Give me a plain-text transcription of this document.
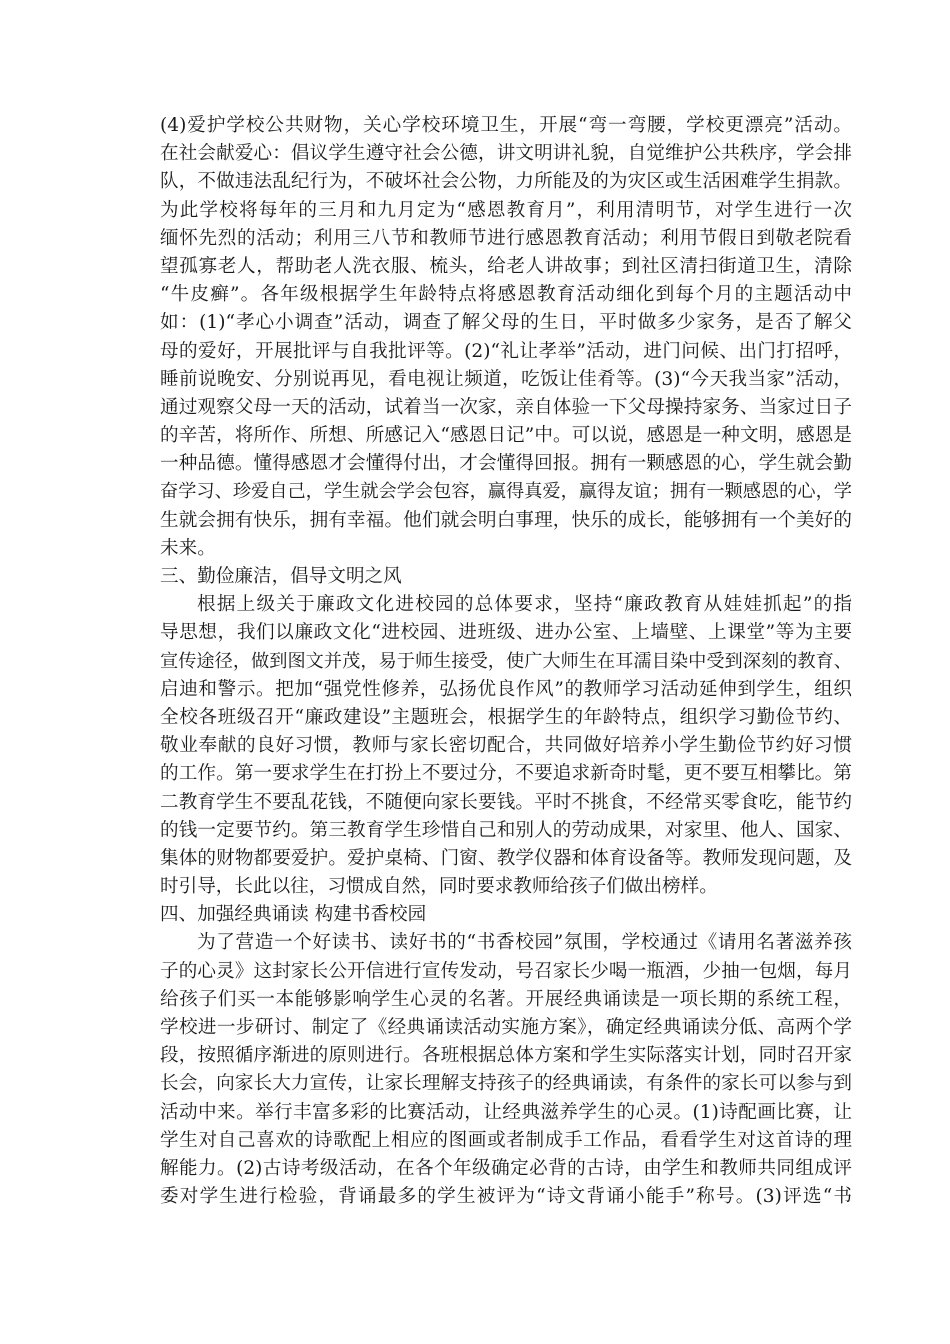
(4)爱护学校公共财物，关心学校环境卫生，开展“弯一弯腰，学校更漂亮”活动。
在社会献爱心：倡议学生遵守社会公德，讲文明讲礼貌，自觉维护公共秩序，学会排
队，不做违法乱纪行为，不破坏社会公物，力所能及的为灾区或生活困难学生捐款。
为此学校将每年的三月和九月定为“感恩教育月”，利用清明节，对学生进行一次
缅怀先烈的活动；利用三八节和教师节进行感恩教育活动；利用节假日到敬老院看
望孤寡老人，帮助老人洗衣服、梳头，给老人讲故事；到社区清扫街道卫生，清除
“牛皮癣”。各年级根据学生年龄特点将感恩教育活动细化到每个月的主题活动中
如：(1)“孝心小调查”活动，调查了解父母的生日，平时做多少家务，是否了解父
母的爱好，开展批评与自我批评等。(2)“礼让孝举”活动，进门问候、出门打招呼，
睡前说晚安、分别说再见，看电视让频道，吃饭让佳肴等。(3)“今天我当家”活动，
通过观察父母一天的活动，试着当一次家，亲自体验一下父母操持家务、当家过日子
的辛苦，将所作、所想、所感记入“感恩日记”中。可以说，感恩是一种文明，感恩是
一种品德。懂得感恩才会懂得付出，才会懂得回报。拥有一颗感恩的心，学生就会勤
奋学习、珍爱自己，学生就会学会包容，赢得真爱，赢得友谊；拥有一颗感恩的心，学
生就会拥有快乐，拥有幸福。他们就会明白事理，快乐的成长，能够拥有一个美好的
未来。
三、勤俭廉洁，倡导文明之风
根据上级关于廉政文化进校园的总体要求，坚持“廉政教育从娃娃抓起”的指
导思想，我们以廉政文化“进校园、进班级、进办公室、上墙壁、上课堂”等为主要
宣传途径，做到图文并茂，易于师生接受，使广大师生在耳濡目染中受到深刻的教育、
启迪和警示。把加“强党性修养，弘扬优良作风”的教师学习活动延伸到学生，组织
全校各班级召开“廉政建设”主题班会，根据学生的年龄特点，组织学习勤俭节约、
敬业奉献的良好习惯，教师与家长密切配合，共同做好培养小学生勤俭节约好习惯
的工作。第一要求学生在打扮上不要过分，不要追求新奇时髦，更不要互相攀比。第
二教育学生不要乱花钱，不随便向家长要钱。平时不挑食，不经常买零食吃，能节约
的钱一定要节约。第三教育学生珍惜自己和别人的劳动成果，对家里、他人、国家、
集体的财物都要爱护。爱护桌椅、门窗、教学仪器和体育设备等。教师发现问题，及
时引导，长此以往，习惯成自然，同时要求教师给孩子们做出榜样。
四、加强经典诵读 构建书香校园
为了营造一个好读书、读好书的“书香校园”氛围，学校通过《请用名著滋养孩
子的心灵》这封家长公开信进行宣传发动，号召家长少喝一瓶酒，少抽一包烟，每月
给孩子们买一本能够影响学生心灵的名著。开展经典诵读是一项长期的系统工程，
学校进一步研讨、制定了《经典诵读活动实施方案》，确定经典诵读分低、高两个学
段，按照循序渐进的原则进行。各班根据总体方案和学生实际落实计划，同时召开家
长会，向家长大力宣传，让家长理解支持孩子的经典诵读，有条件的家长可以参与到
活动中来。举行丰富多彩的比赛活动，让经典滋养学生的心灵。(1)诗配画比赛，让
学生对自己喜欢的诗歌配上相应的图画或者制成手工作品，看看学生对这首诗的理
解能力。(2)古诗考级活动，在各个年级确定必背的古诗，由学生和教师共同组成评
委对学生进行检验，背诵最多的学生被评为“诗文背诵小能手”称号。(3)评选“书
